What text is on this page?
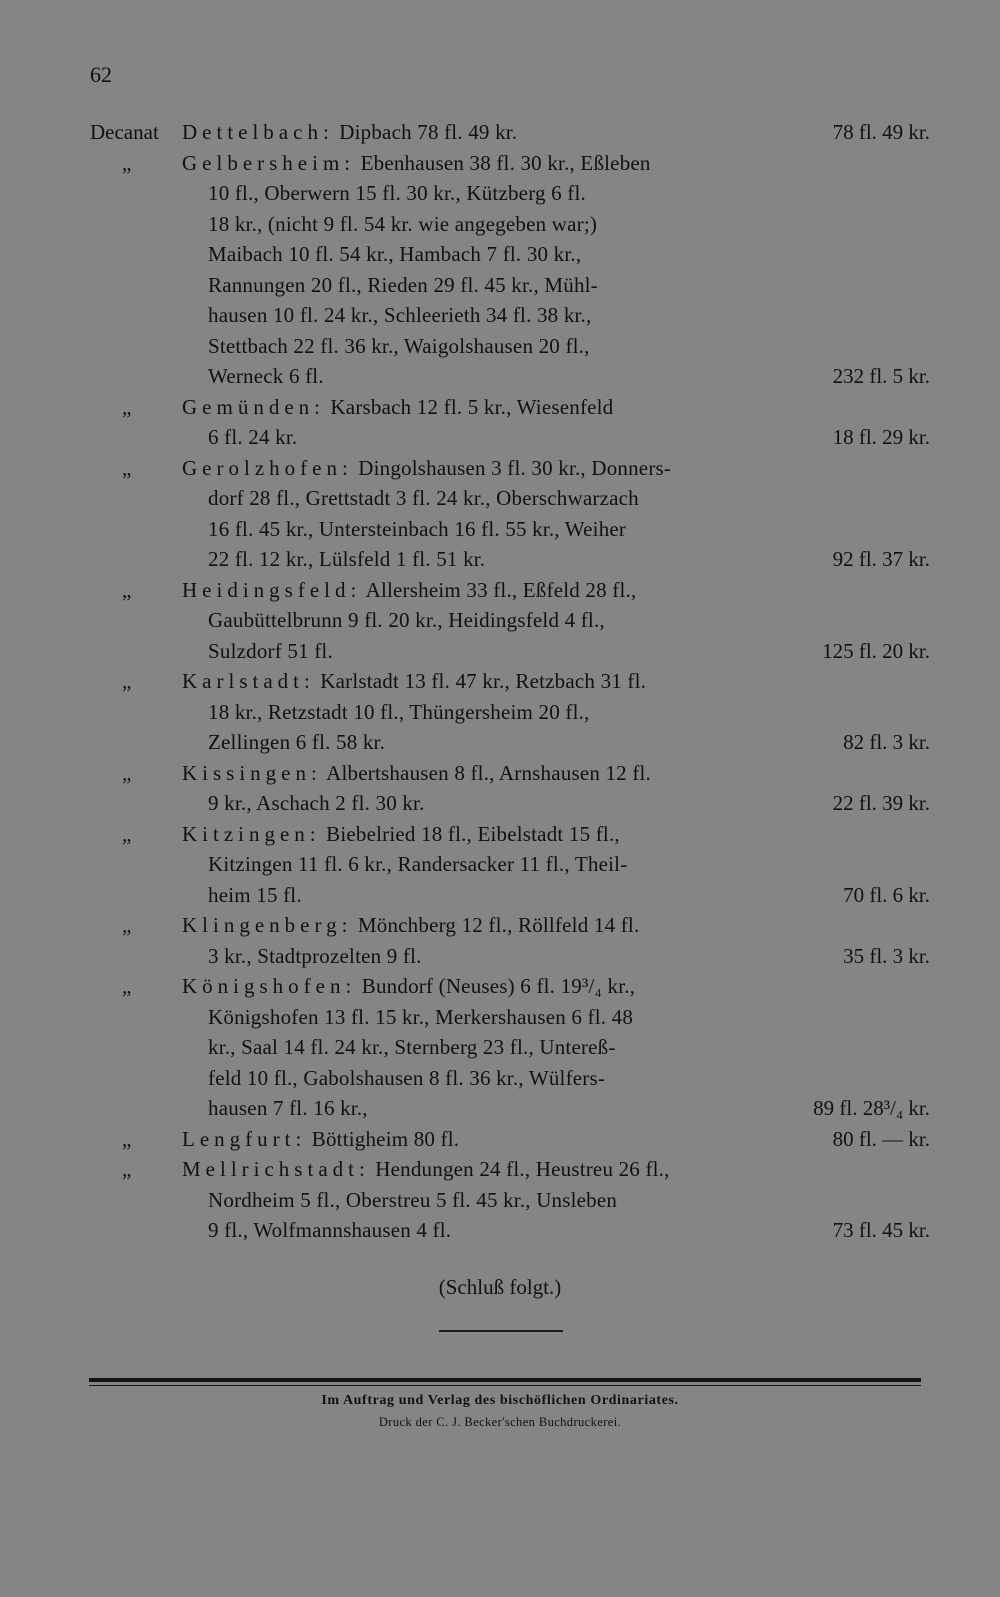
62
Decanat	Dettelbach: Dipbach 78 fl. 49 kr.	78 fl. 49 kr.
„	Gelbersheim: Ebenhausen 38 fl. 30 kr., Eßleben
10 fl., Oberwern 15 fl. 30 kr., Kützberg 6 fl.
18 kr., (nicht 9 fl. 54 kr. wie angegeben war;)
Maibach 10 fl. 54 kr., Hambach 7 fl. 30 kr.,
Rannungen 20 fl., Rieden 29 fl. 45 kr., Mühl-
hausen 10 fl. 24 kr., Schleerieth 34 fl. 38 kr.,
Stettbach 22 fl. 36 kr., Waigolshausen 20 fl.,
Werneck 6 fl.	232 fl. 5 kr.
„	Gemünden: Karsbach 12 fl. 5 kr., Wiesenfeld
6 fl. 24 kr.	18 fl. 29 kr.
„	Gerolzhofen: Dingolshausen 3 fl. 30 kr., Donners-
dorf 28 fl., Grettstadt 3 fl. 24 kr., Oberschwarzach
16 fl. 45 kr., Untersteinbach 16 fl. 55 kr., Weiher
22 fl. 12 kr., Lülsfeld 1 fl. 51 kr.	92 fl. 37 kr.
„	Heidingsfeld: Allersheim 33 fl., Eßfeld 28 fl.,
Gaubüttelbrunn 9 fl. 20 kr., Heidingsfeld 4 fl.,
Sulzdorf 51 fl.	125 fl. 20 kr.
„	Karlstadt: Karlstadt 13 fl. 47 kr., Retzbach 31 fl.
18 kr., Retzstadt 10 fl., Thüngersheim 20 fl.,
Zellingen 6 fl. 58 kr.	82 fl. 3 kr.
„	Kissingen: Albertshausen 8 fl., Arnshausen 12 fl.
9 kr., Aschach 2 fl. 30 kr.	22 fl. 39 kr.
„	Kitzingen: Biebelried 18 fl., Eibelstadt 15 fl.,
Kitzingen 11 fl. 6 kr., Randersacker 11 fl., Theil-
heim 15 fl.	70 fl. 6 kr.
„	Klingenberg: Mönchberg 12 fl., Röllfeld 14 fl.
3 kr., Stadtprozelten 9 fl.	35 fl. 3 kr.
„	Königshofen: Bundorf (Neuses) 6 fl. 19³/₄ kr.,
Königshofen 13 fl. 15 kr., Merkershausen 6 fl. 48
kr., Saal 14 fl. 24 kr., Sternberg 23 fl., Untereß-
feld 10 fl., Gabolshausen 8 fl. 36 kr., Wülfers-
hausen 7 fl. 16 kr.,	89 fl. 28³/₄ kr.
„	Lengfurt: Böttigheim 80 fl.	80 fl. — kr.
„	Mellrichstadt: Hendungen 24 fl., Heustreu 26 fl.,
Nordheim 5 fl., Oberstreu 5 fl. 45 kr., Unsleben
9 fl., Wolfmannshausen 4 fl.	73 fl. 45 kr.
(Schluß folgt.)
Im Auftrag und Verlag des bischöflichen Ordinariates.
Druck der C. J. Becker'schen Buchdruckerei.
